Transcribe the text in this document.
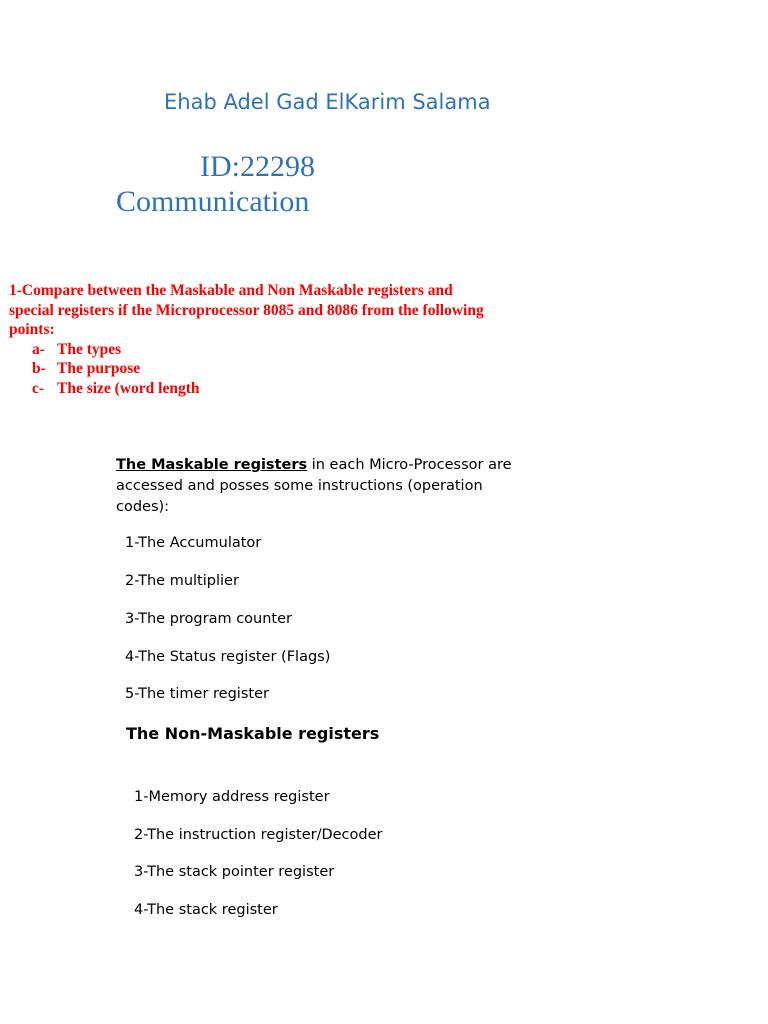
Ehab Adel Gad ElKarim Salama
ID:22298
Communication
1-Compare between the Maskable and Non Maskable registers and
special registers if the Microprocessor 8085 and 8086 from the following
points:
a- The types
b- The purpose
c- The size (word length
The Maskable registers in each Micro-Processor are accessed and posses some instructions (operation codes):
1-The Accumulator
2-The multiplier
3-The program counter
4-The Status register (Flags)
5-The timer register
The Non-Maskable registers
1-Memory address register
2-The instruction register/Decoder
3-The stack pointer register
4-The stack register
